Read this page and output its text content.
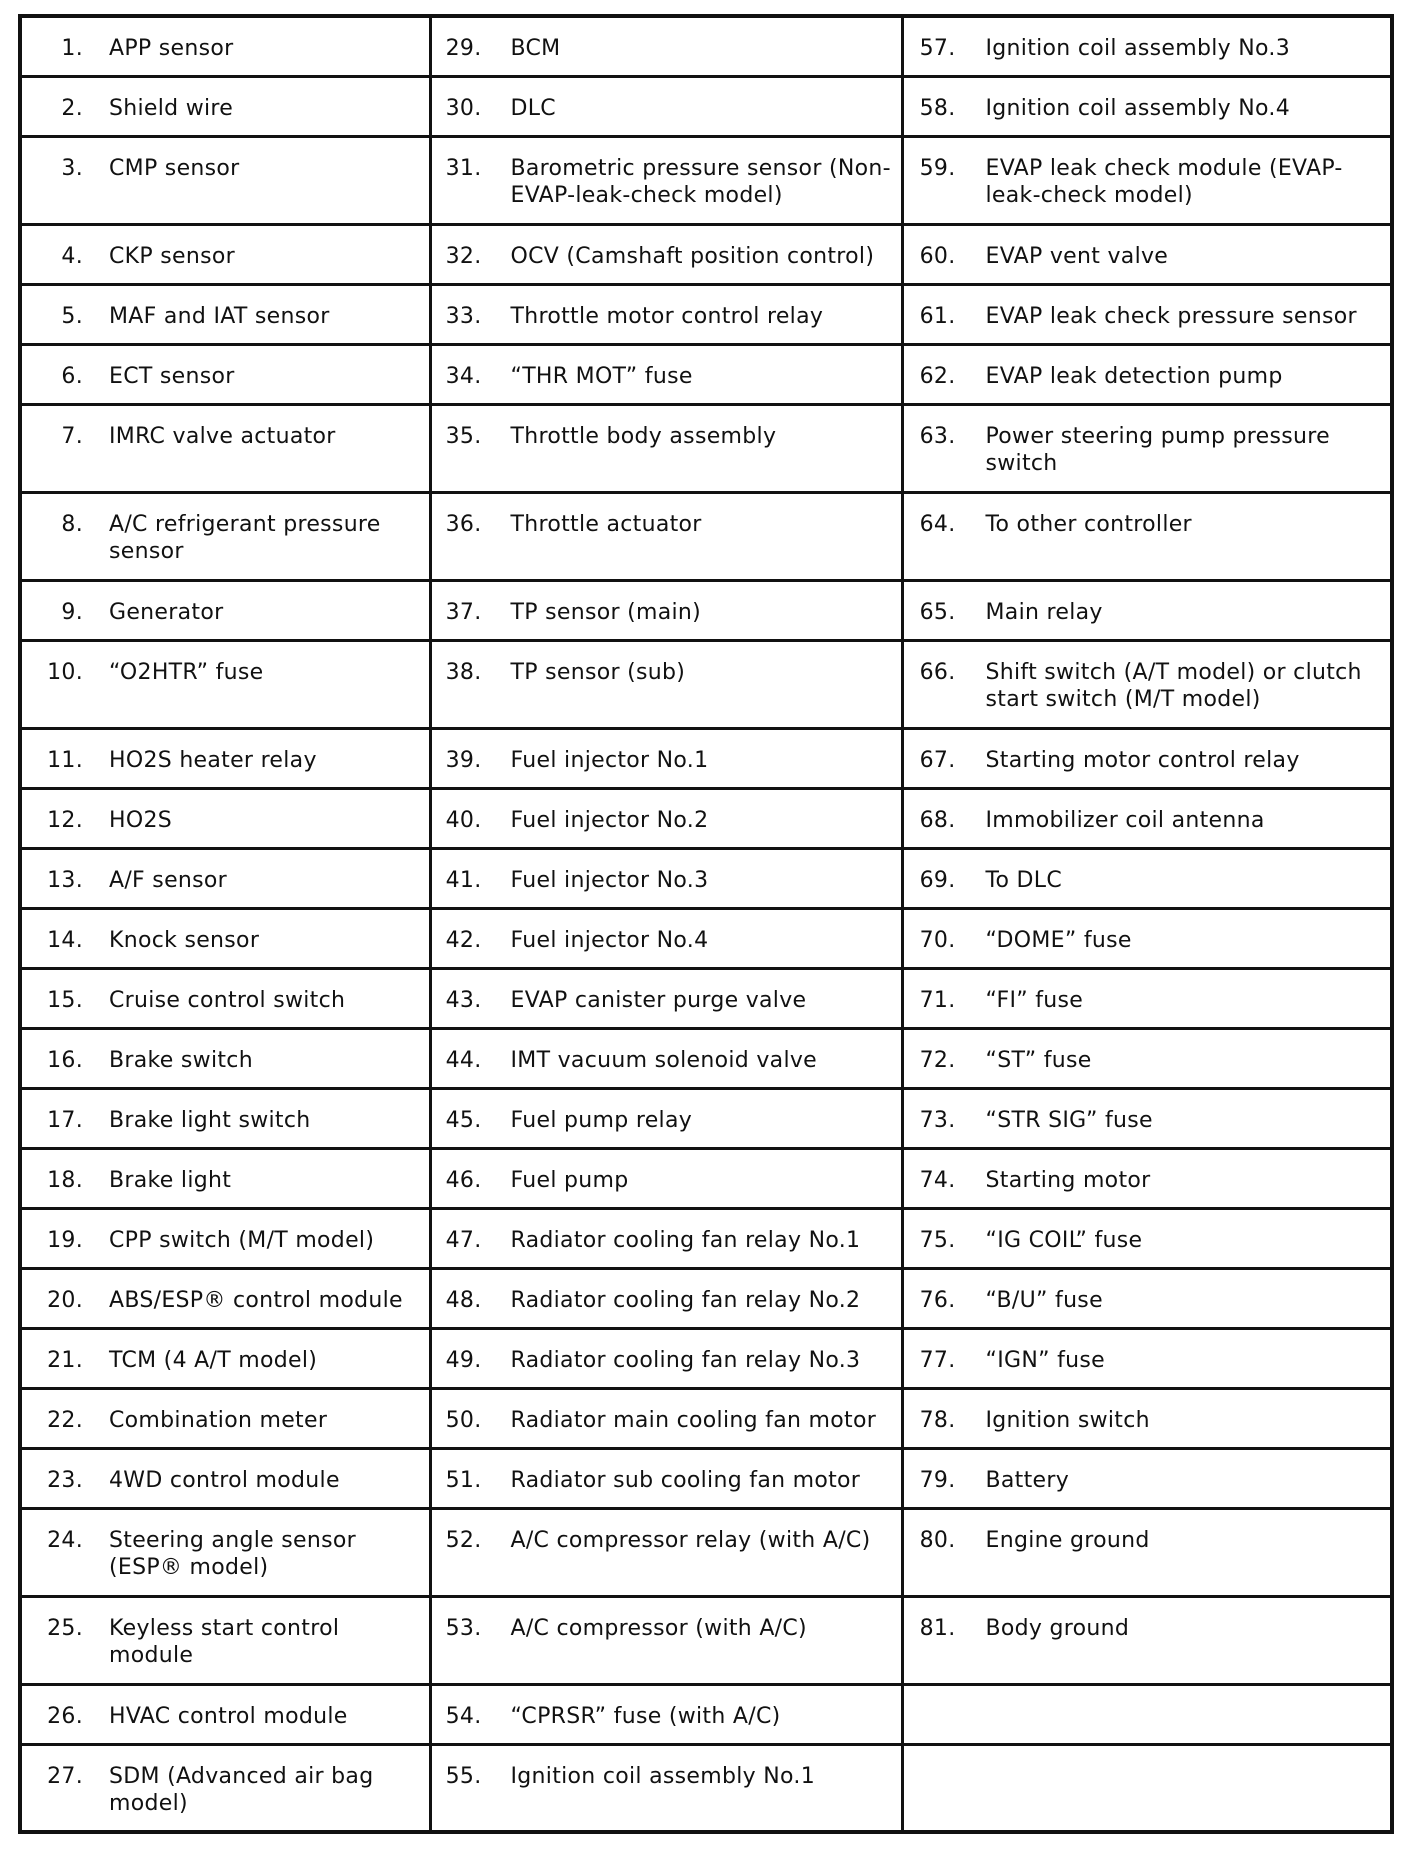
1. APP sensor	29. BCM	57. Ignition coil assembly No.3

2. Shield wire	30. DLC	58. Ignition coil assembly No.4

3. CMP sensor	31. Barometric pressure sensor (Non-EVAP-leak-check model)	59. EVAP leak check module (EVAP-leak-check model)

4. CKP sensor	32. OCV (Camshaft position control)	60. EVAP vent valve

5. MAF and IAT sensor	33. Throttle motor control relay	61. EVAP leak check pressure sensor

6. ECT sensor	34. “THR MOT” fuse	62. EVAP leak detection pump

7. IMRC valve actuator	35. Throttle body assembly	63. Power steering pump pressure switch

8. A/C refrigerant pressure sensor	36. Throttle actuator	64. To other controller

9. Generator	37. TP sensor (main)	65. Main relay

10. “O2HTR” fuse	38. TP sensor (sub)	66. Shift switch (A/T model) or clutch start switch (M/T model)

11. HO2S heater relay	39. Fuel injector No.1	67. Starting motor control relay

12. HO2S	40. Fuel injector No.2	68. Immobilizer coil antenna

13. A/F sensor	41. Fuel injector No.3	69. To DLC

14. Knock sensor	42. Fuel injector No.4	70. “DOME” fuse

15. Cruise control switch	43. EVAP canister purge valve	71. “FI” fuse

16. Brake switch	44. IMT vacuum solenoid valve	72. “ST” fuse

17. Brake light switch	45. Fuel pump relay	73. “STR SIG” fuse

18. Brake light	46. Fuel pump	74. Starting motor

19. CPP switch (M/T model)	47. Radiator cooling fan relay No.1	75. “IG COIL” fuse

20. ABS/ESP® control module	48. Radiator cooling fan relay No.2	76. “B/U” fuse

21. TCM (4 A/T model)	49. Radiator cooling fan relay No.3	77. “IGN” fuse

22. Combination meter	50. Radiator main cooling fan motor	78. Ignition switch

23. 4WD control module	51. Radiator sub cooling fan motor	79. Battery

24. Steering angle sensor (ESP® model)	52. A/C compressor relay (with A/C)	80. Engine ground

25. Keyless start control module	53. A/C compressor (with A/C)	81. Body ground

26. HVAC control module	54. “CPRSR” fuse (with A/C)	

27. SDM (Advanced air bag model)	55. Ignition coil assembly No.1	
